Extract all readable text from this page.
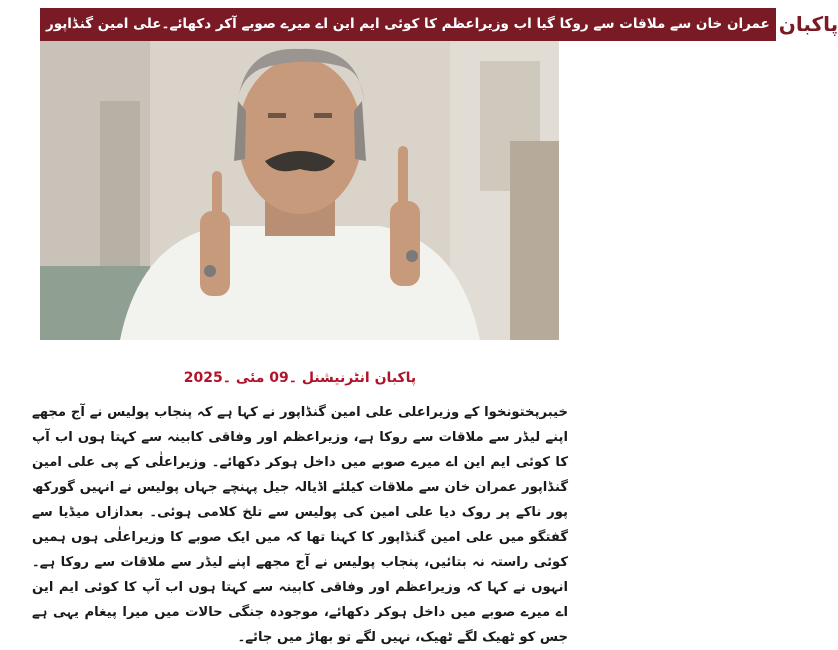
عمران خان سے ملاقات سے روکا گیا اب وزیراعظم کا کوئی ایم این اے میرے صوبے آکر دکھائے۔علی امین گنڈاپور پاکبان
پاکبان انٹرنیشنل ۔09 مئی ۔2025
خیبرپختونخوا کے وزیراعلی علی امین گنڈاپور نے کہا ہے کہ پنجاب پولیس نے آج مجھے اپنے لیڈر سے ملاقات سے روکا ہے، وزیراعظم اور وفاقی کابینہ سے کہتا ہوں اب آپ کا کوئی ایم این اے میرے صوبے میں داخل ہوکر دکھائے۔ وزیراعلٰی کے پی علی امین گنڈاپور عمران خان سے ملاقات کیلئے اڈیالہ جیل پہنچے جہاں پولیس نے انہیں گورکھ پور ناکے پر روک دیا علی امین کی پولیس سے تلخ کلامی ہوئی۔ بعدازاں میڈیا سے گفتگو میں علی امین گنڈاپور کا کہنا تھا کہ میں ایک صوبے کا وزیراعلٰی ہوں ہمیں کوئی راستہ نہ بتائیں، پنجاب پولیس نے آج مجھے اپنے لیڈر سے ملاقات سے روکا ہے۔ انہوں نے کہا کہ وزیراعظم اور وفاقی کابینہ سے کہتا ہوں اب آپ کا کوئی ایم این اے میرے صوبے میں داخل ہوکر دکھائے، موجودہ جنگی حالات میں میرا پیغام یہی ہے جس کو ٹھیک لگے ٹھیک، نہیں لگے تو بھاڑ میں جائے۔
